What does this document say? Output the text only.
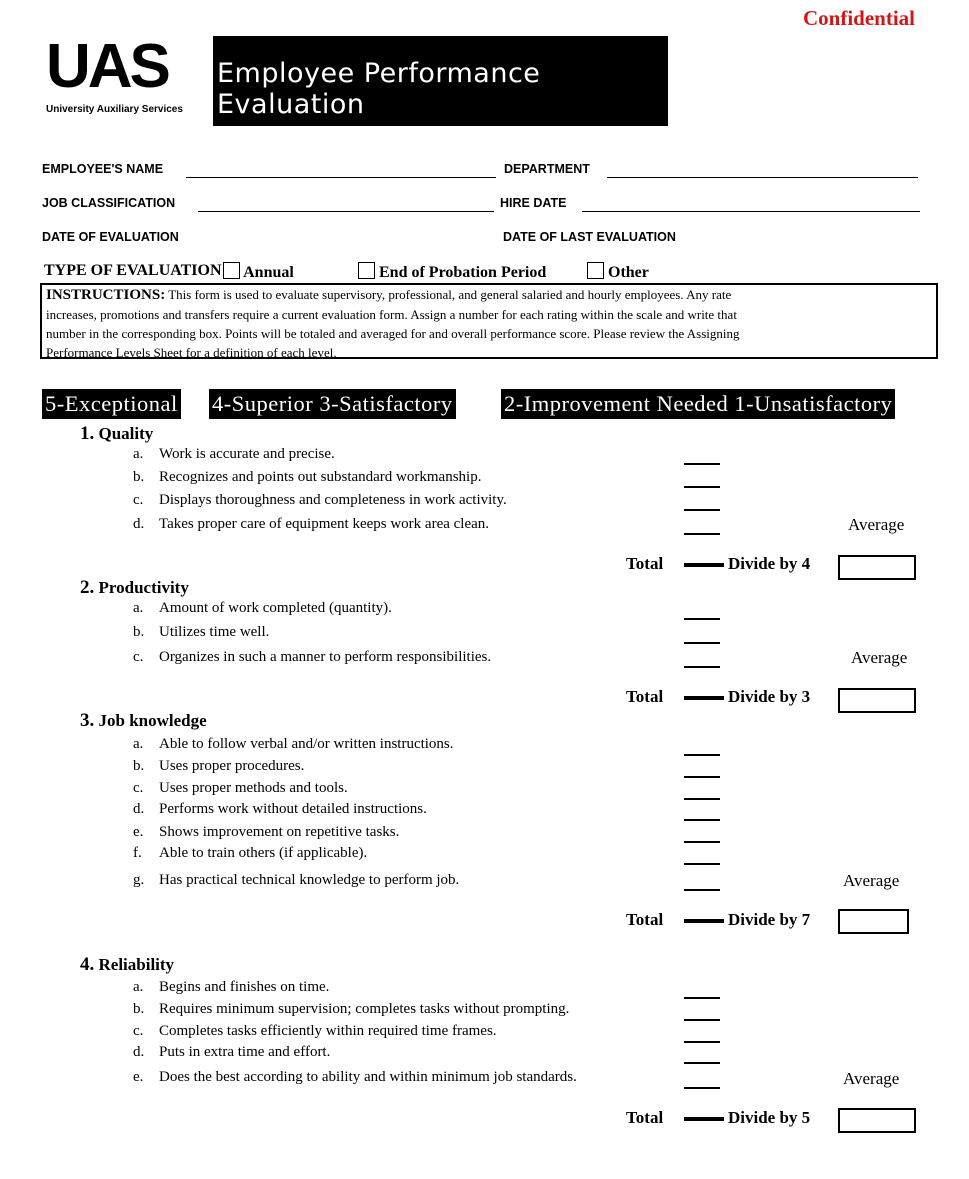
Confidential
UAS
University Auxiliary Services
Employee Performance Evaluation
EMPLOYEE'S NAME	DEPARTMENT
JOB CLASSIFICATION	HIRE DATE
DATE OF EVALUATION	DATE OF LAST EVALUATION
TYPE OF EVALUATION	Annual	End of Probation Period	Other
INSTRUCTIONS: This form is used to evaluate supervisory, professional, and general salaried and hourly employees. Any rate
increases, promotions and transfers require a current evaluation form. Assign a number for each rating within the scale and write that
number in the corresponding box. Points will be totaled and averaged for and overall performance score. Please review the Assigning
Performance Levels Sheet for a definition of each level.
5-Exceptional 4-Superior 3-Satisfactory 2-Improvement Needed 1-Unsatisfactory
1. Quality
a. Work is accurate and precise.
b. Recognizes and points out substandard workmanship.
c. Displays thoroughness and completeness in work activity.
d. Takes proper care of equipment keeps work area clean.	Average
Total	Divide by 4
2. Productivity
a. Amount of work completed (quantity).
b. Utilizes time well.
c. Organizes in such a manner to perform responsibilities.	Average
Total	Divide by 3
3. Job knowledge
a. Able to follow verbal and/or written instructions.
b. Uses proper procedures.
c. Uses proper methods and tools.
d. Performs work without detailed instructions.
e. Shows improvement on repetitive tasks.
f. Able to train others (if applicable).
g. Has practical technical knowledge to perform job.	Average
Total	Divide by 7
4. Reliability
a. Begins and finishes on time.
b. Requires minimum supervision; completes tasks without prompting.
c. Completes tasks efficiently within required time frames.
d. Puts in extra time and effort.
e. Does the best according to ability and within minimum job standards.	Average
Total	Divide by 5
